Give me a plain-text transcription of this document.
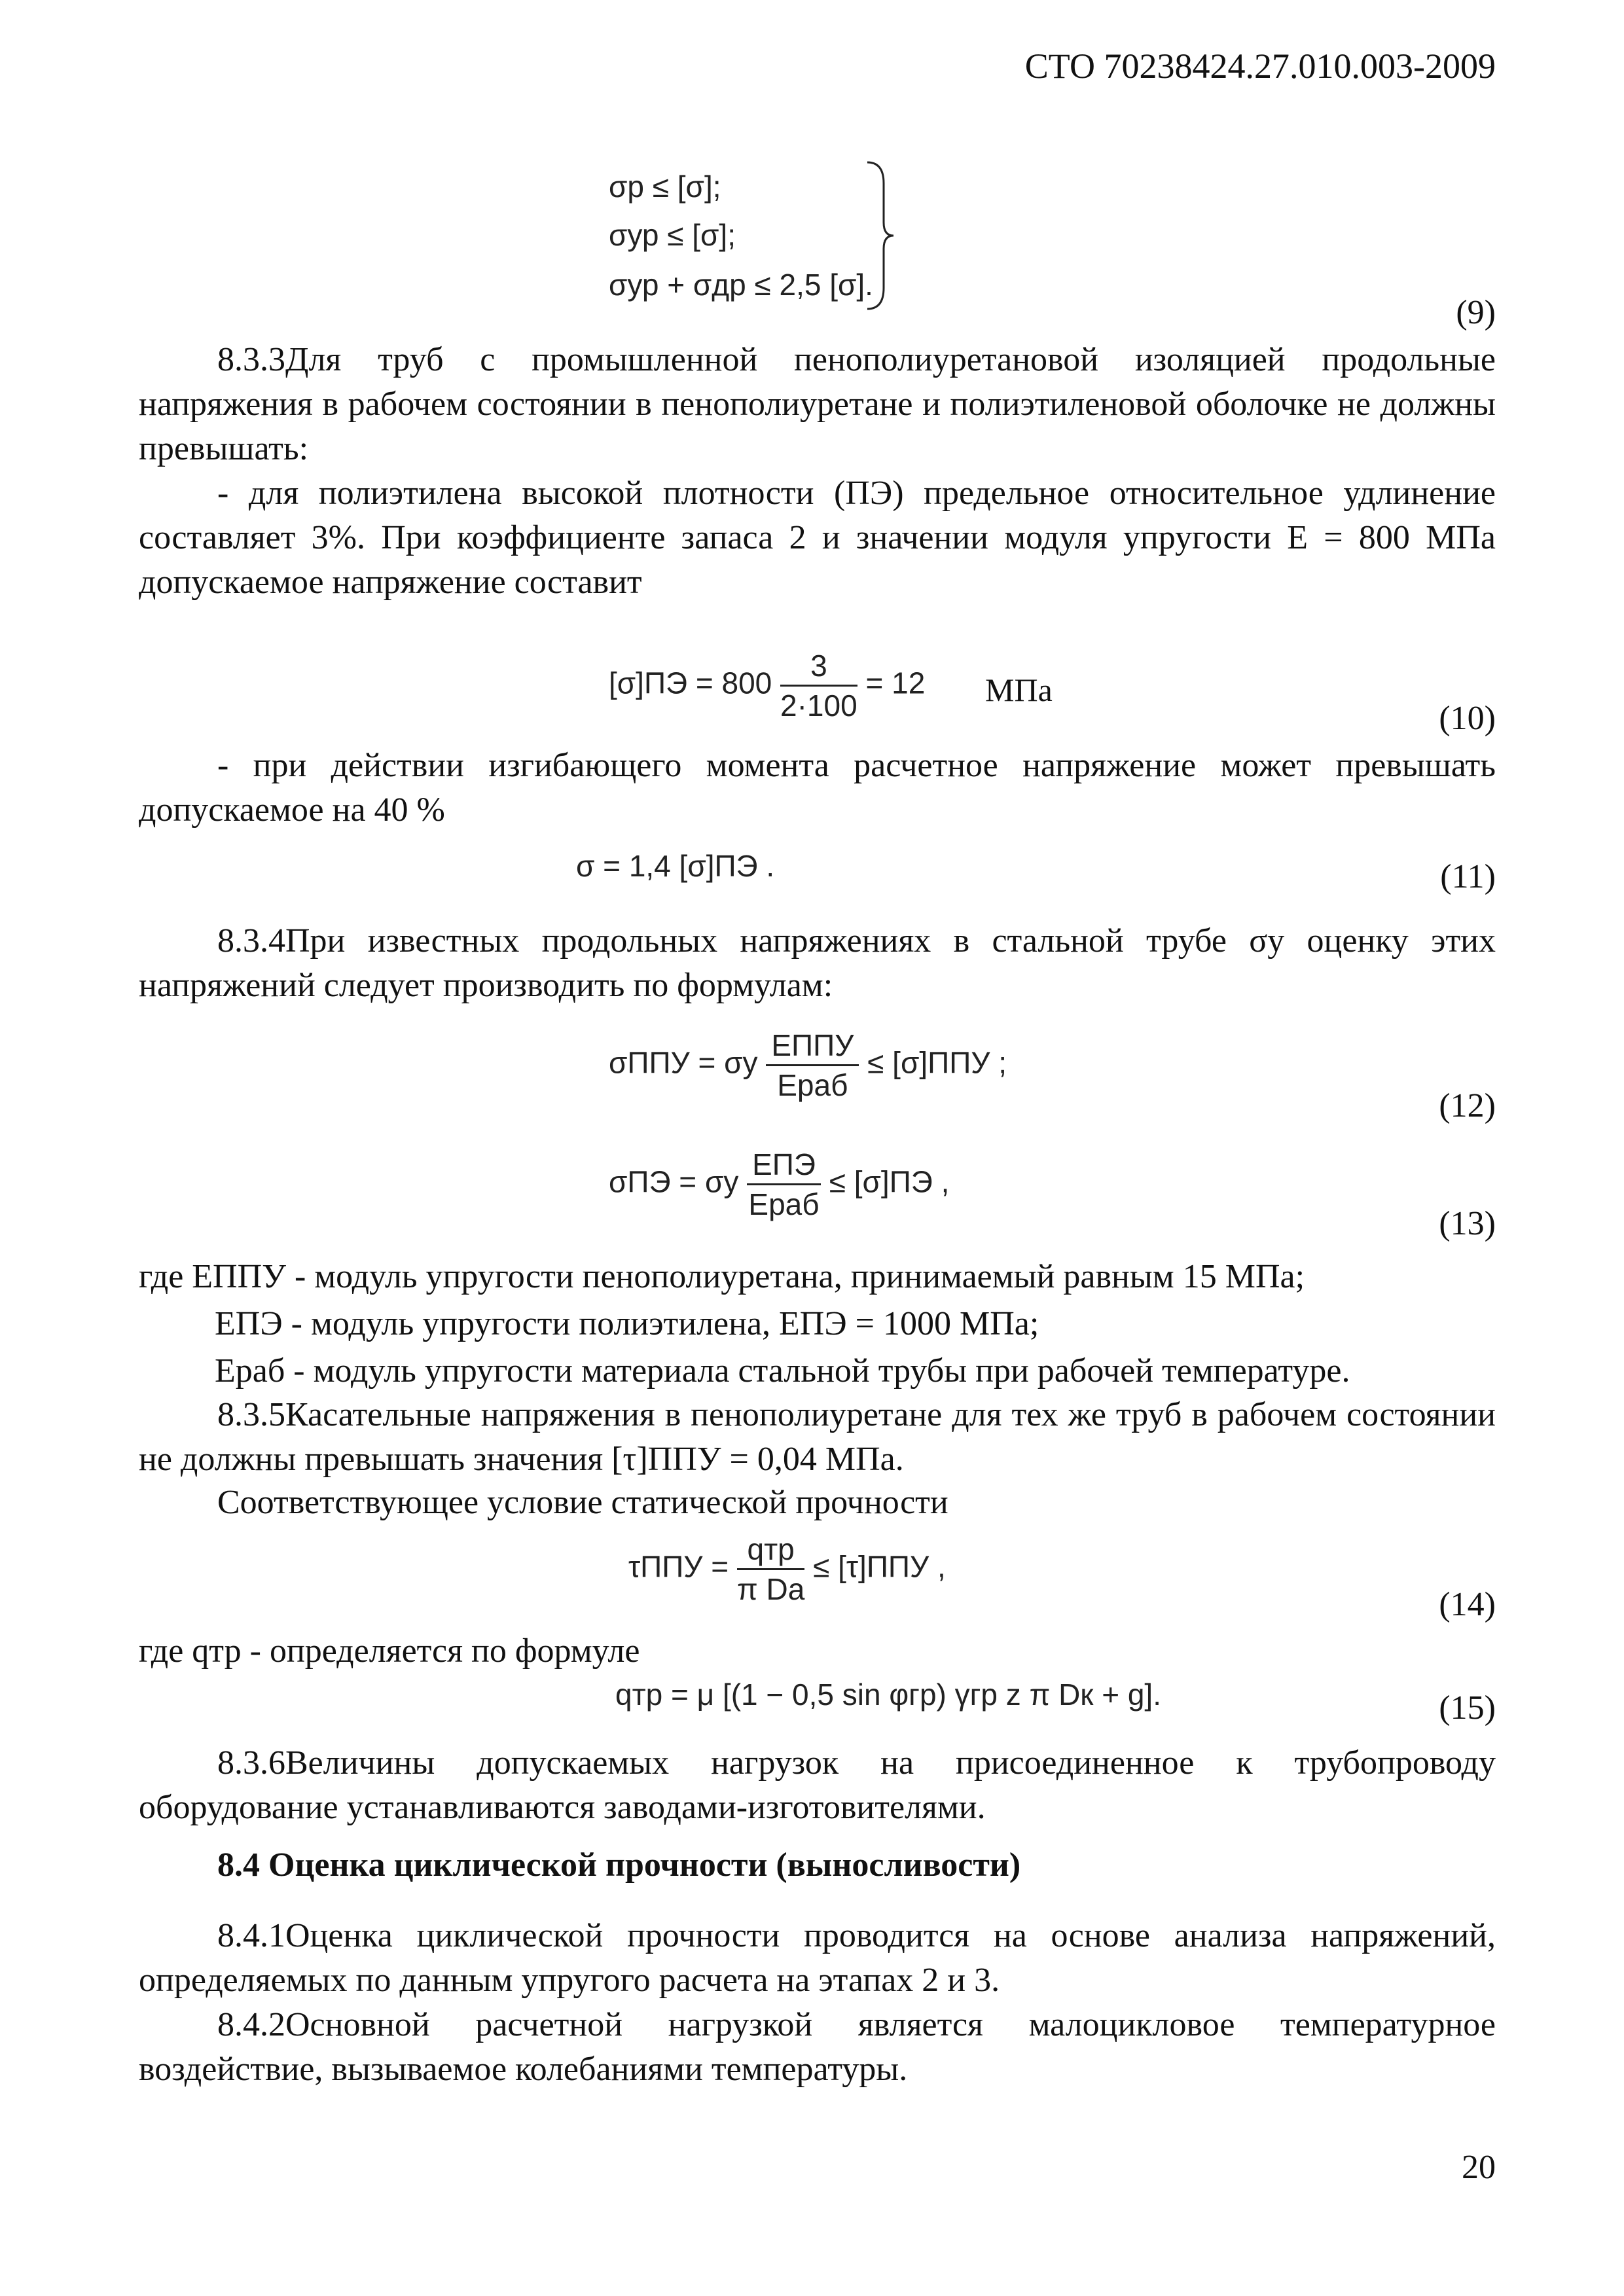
СТО 70238424.27.010.003-2009
σр ≤ [σ];
σур ≤ [σ];
σур + σдр ≤ 2,5 [σ].
(9)
8.3.3Для труб с промышленной пенополиуретановой изоляцией продольные напряжения в рабочем состоянии в пенополиуретане и полиэтиленовой оболочке не должны превышать:
- для полиэтилена высокой плотности (ПЭ) предельное относительное удлинение составляет 3%. При коэффициенте запаса 2 и значении модуля упругости E = 800 МПа допускаемое напряжение составит
$[\sigma]ПЭ = 800 \frac{3}{2\cdot 100} = 12$ МПа
(10)
- при действии изгибающего момента расчетное напряжение может превышать допускаемое на 40 %
σ = 1,4 [σ]ПЭ .	(11)
8.3.4При известных продольных напряжениях в стальной трубе σy оценку этих напряжений следует производить по формулам:
σППУ = σy $\frac{\text{EППУ}}{\text{Eраб}} \le [\sigma]ППУ$ ;
(12)
σПЭ = σy $\frac{\text{EПЭ}}{\text{Eраб}} \le [\sigma]ПЭ$ ,
(13)
где EППУ - модуль упругости пенополиуретана, принимаемый равным 15 МПа;
EПЭ - модуль упругости полиэтилена, EПЭ = 1000 МПа;
Eраб - модуль упругости материала стальной трубы при рабочей температуре.
8.3.5Касательные напряжения в пенополиуретане для тех же труб в рабочем состоянии не должны превышать значения [τ]ППУ = 0,04 МПа.
Соответствующее условие статической прочности
$\tau ППУ = \frac{\text{qтр}}{\text{π Da}} \le [\tau]ППУ$ ,
(14)
где qтр - определяется по формуле
qтр = μ [(1 − 0,5 sin φгр) γгр z π Dк + g].	(15)
8.3.6Величины допускаемых нагрузок на присоединенное к трубопроводу оборудование устанавливаются заводами-изготовителями.
8.4 Оценка циклической прочности (выносливости)
8.4.1Оценка циклической прочности проводится на основе анализа напряжений, определяемых по данным упругого расчета на этапах 2 и 3.
8.4.2Основной расчетной нагрузкой является малоцикловое температурное воздействие, вызываемое колебаниями температуры.
20
